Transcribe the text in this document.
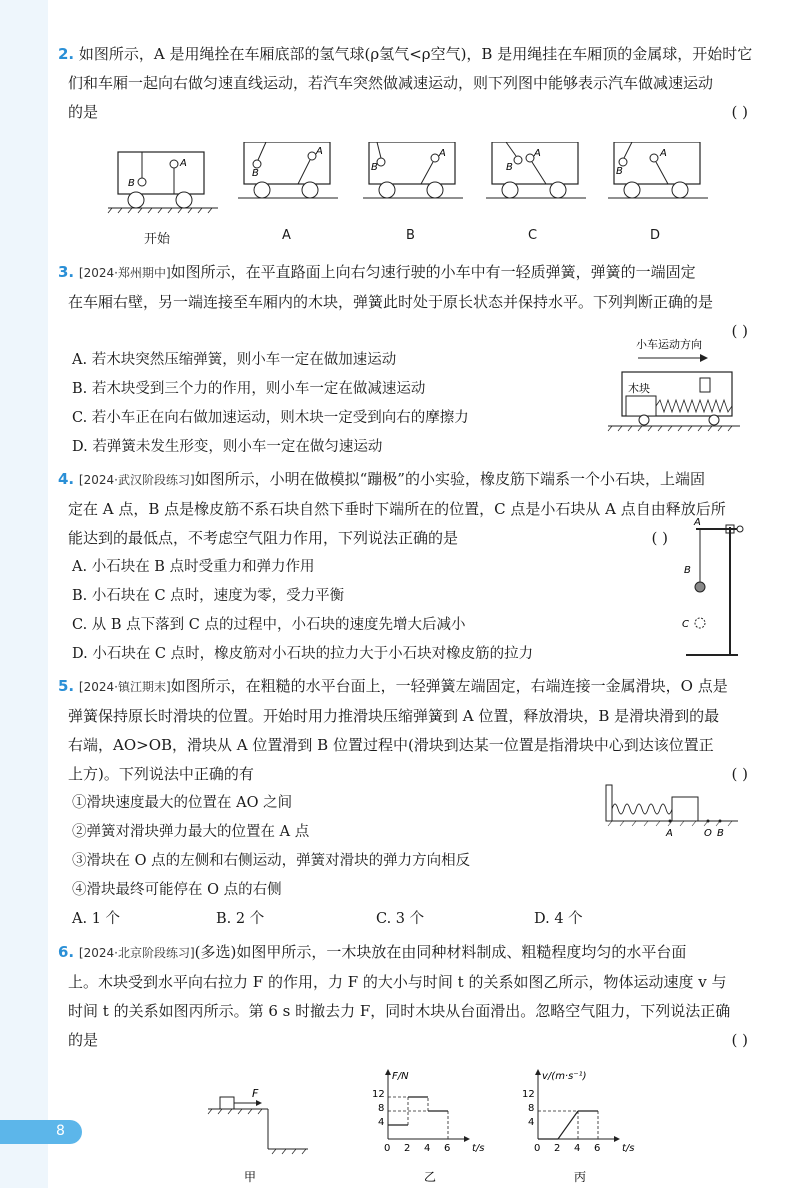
2. 如图所示，A 是用绳拴在车厢底部的氢气球(ρ氢气<ρ空气)，B 是用绳挂在车厢顶的金属球，开始时它
们和车厢一起向右做匀速直线运动，若汽车突然做减速运动，则下列图中能够表示汽车做减速运动
的是	( )
B
A
B
A
B
A
B
A
B
A
开始	A	B	C	D
3. [2024·郑州期中]如图所示，在平直路面上向右匀速行驶的小车中有一轻质弹簧，弹簧的一端固定
在车厢右壁，另一端连接至车厢内的木块，弹簧此时处于原长状态并保持水平。下列判断正确的是
( )
A. 若木块突然压缩弹簧，则小车一定在做加速运动
B. 若木块受到三个力的作用，则小车一定在做减速运动
C. 若小车正在向右做加速运动，则木块一定受到向右的摩擦力
D. 若弹簧未发生形变，则小车一定在做匀速运动
小车运动方向
木块
4. [2024·武汉阶段练习]如图所示，小明在做模拟“蹦极”的小实验，橡皮筋下端系一个小石块，上端固
定在 A 点，B 点是橡皮筋不系石块自然下垂时下端所在的位置，C 点是小石块从 A 点自由释放后所
能达到的最低点，不考虑空气阻力作用，下列说法正确的是	( )
A. 小石块在 B 点时受重力和弹力作用
B. 小石块在 C 点时，速度为零，受力平衡
C. 从 B 点下落到 C 点的过程中，小石块的速度先增大后减小
D. 小石块在 C 点时，橡皮筋对小石块的拉力大于小石块对橡皮筋的拉力
A
B
C
5. [2024·镇江期末]如图所示，在粗糙的水平台面上，一轻弹簧左端固定，右端连接一金属滑块，O 点是
弹簧保持原长时滑块的位置。开始时用力推滑块压缩弹簧到 A 位置，释放滑块，B 是滑块滑到的最
右端，AO>OB，滑块从 A 位置滑到 B 位置过程中(滑块到达某一位置是指滑块中心到达该位置正
上方)。下列说法中正确的有	( )
①滑块速度最大的位置在 AO 之间
②弹簧对滑块弹力最大的位置在 A 点
③滑块在 O 点的左侧和右侧运动，弹簧对滑块的弹力方向相反
④滑块最终可能停在 O 点的右侧
A	O B
A. 1 个	B. 2 个	C. 3 个	D. 4 个
6. [2024·北京阶段练习](多选)如图甲所示，一木块放在由同种材料制成、粗糙程度均匀的水平台面
上。木块受到水平向右拉力 F 的作用，力 F 的大小与时间 t 的关系如图乙所示，物体运动速度 v 与
时间 t 的关系如图丙所示。第 6 s 时撤去力 F，同时木块从台面滑出。忽略空气阻力，下列说法正确
的是	( )
F
甲
F/N
t/s
12
8
4
0 2 4 6
乙
v/(m·s⁻¹)
t/s
12
8
4
0 2 4 6
丙
8
